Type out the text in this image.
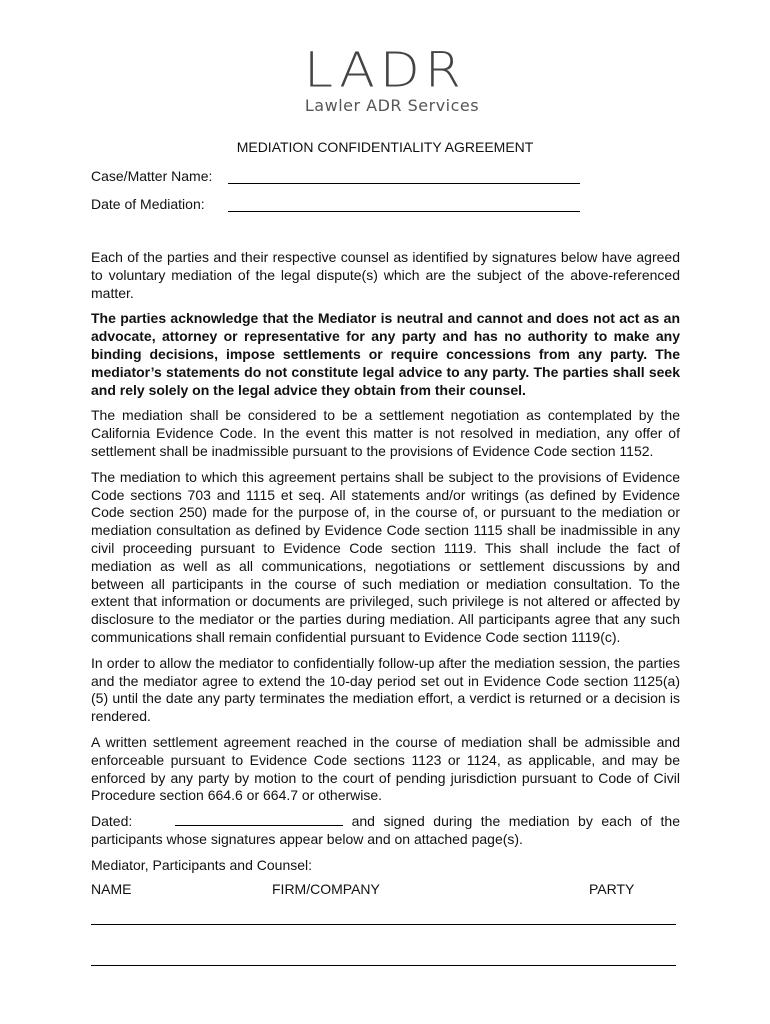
LADR
Lawler ADR Services
MEDIATION CONFIDENTIALITY AGREEMENT
Case/Matter Name:
Date of Mediation:

Each of the parties and their respective counsel as identified by signatures below have agreed to voluntary mediation of the legal dispute(s) which are the subject of the above-referenced matter.

The parties acknowledge that the Mediator is neutral and cannot and does not act as an advocate, attorney or representative for any party and has no authority to make any binding decisions, impose settlements or require concessions from any party. The mediator’s statements do not constitute legal advice to any party. The parties shall seek and rely solely on the legal advice they obtain from their counsel.

The mediation shall be considered to be a settlement negotiation as contemplated by the California Evidence Code. In the event this matter is not resolved in mediation, any offer of settlement shall be inadmissible pursuant to the provisions of Evidence Code section 1152.

The mediation to which this agreement pertains shall be subject to the provisions of Evidence Code sections 703 and 1115 et seq. All statements and/or writings (as defined by Evidence Code section 250) made for the purpose of, in the course of, or pursuant to the mediation or mediation consultation as defined by Evidence Code section 1115 shall be inadmissible in any civil proceeding pursuant to Evidence Code section 1119. This shall include the fact of mediation as well as all communications, negotiations or settlement discussions by and between all participants in the course of such mediation or mediation consultation. To the extent that information or documents are privileged, such privilege is not altered or affected by disclosure to the mediator or the parties during mediation. All participants agree that any such communications shall remain confidential pursuant to Evidence Code section 1119(c).

In order to allow the mediator to confidentially follow-up after the mediation session, the parties and the mediator agree to extend the 10-day period set out in Evidence Code section 1125(a)(5) until the date any party terminates the mediation effort, a verdict is returned or a decision is rendered.

A written settlement agreement reached in the course of mediation shall be admissible and enforceable pursuant to Evidence Code sections 1123 or 1124, as applicable, and may be enforced by any party by motion to the court of pending jurisdiction pursuant to Code of Civil Procedure section 664.6 or 664.7 or otherwise.

Dated:	and signed during the mediation by each of the participants whose signatures appear below and on attached page(s).

Mediator, Participants and Counsel:

NAME	FIRM/COMPANY	PARTY
